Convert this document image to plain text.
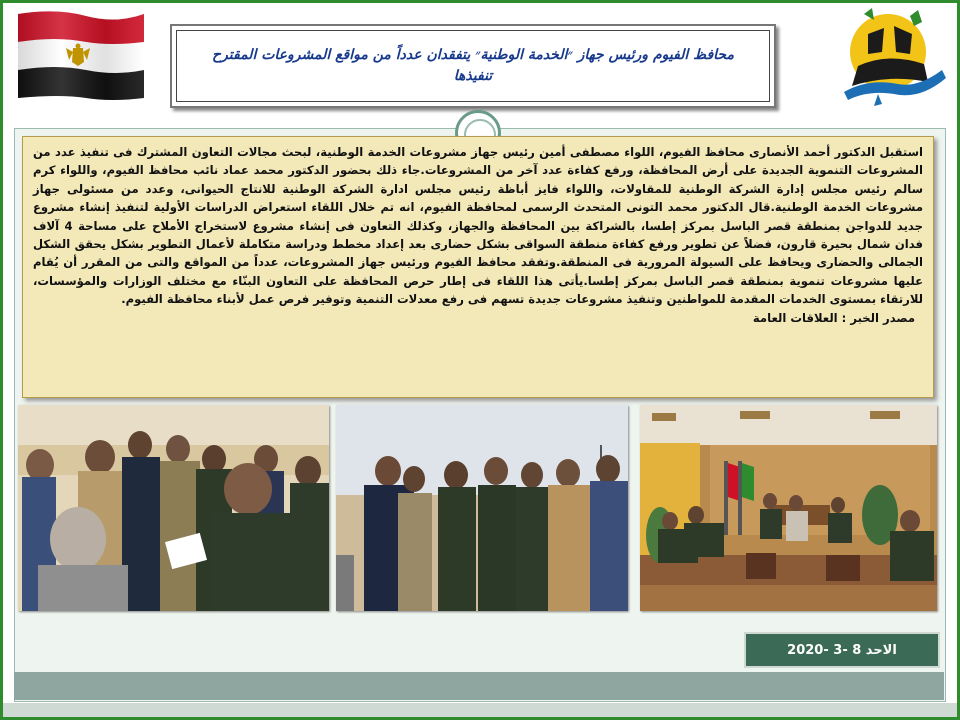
محافظ الفيوم ورئيس جهاز ״الخدمة الوطنية״ يتفقدان عدداً من مواقع المشروعات المقترح تنفيذها

استقبل الدكتور أحمد الأنصارى محافظ الفيوم، اللواء مصطفى أمين رئيس جهاز مشروعات الخدمة الوطنية، لبحث مجالات التعاون المشترك فى تنفيذ عدد من المشروعات التنموية الجديدة على أرض المحافظة، ورفع كفاءة عدد آخر من المشروعات.جاء ذلك بحضور الدكتور محمد عماد نائب محافظ الفيوم، واللواء كرم سالم رئيس مجلس إدارة الشركة الوطنية للمقاولات، واللواء فايز أباظة رئيس مجلس ادارة الشركة الوطنية للانتاج الحيوانى، وعدد من مسئولى جهاز مشروعات الخدمة الوطنية.قال الدكتور محمد التونى المتحدث الرسمى لمحافظة الفيوم، انه تم خلال اللقاء استعراض الدراسات الأولية لتنفيذ إنشاء مشروع جديد للدواجن بمنطقة قصر الباسل بمركز إطسا، بالشراكة بين المحافظة والجهاز، وكذلك التعاون فى إنشاء مشروع لاستخراج الأملاح على مساحة 4 آلاف فدان شمال بحيرة قارون، فضلاً عن تطوير ورفع كفاءة منطقة السواقى بشكل حضارى بعد إعداد مخطط ودراسة متكاملة لأعمال التطوير بشكل يحقق الشكل الجمالى والحضارى ويحافظ على السيولة المرورية فى المنطقة.وتفقد محافظ الفيوم ورئيس جهاز المشروعات، عدداً من المواقع والتى من المقرر أن يُقام عليها مشروعات تنموية بمنطقة قصر الباسل بمركز إطسا.يأتى هذا اللقاء فى إطار حرص المحافظة على التعاون البنّاء مع مختلف الوزارات والمؤسسات، للارتقاء بمستوى الخدمات المقدمة للمواطنين وتنفيذ مشروعات جديدة تسهم فى رفع معدلات التنمية وتوفير فرص عمل لأبناء محافظة الفيوم.

مصدر الخبر : العلاقات العامة

الاحد 8 -3 -2020
